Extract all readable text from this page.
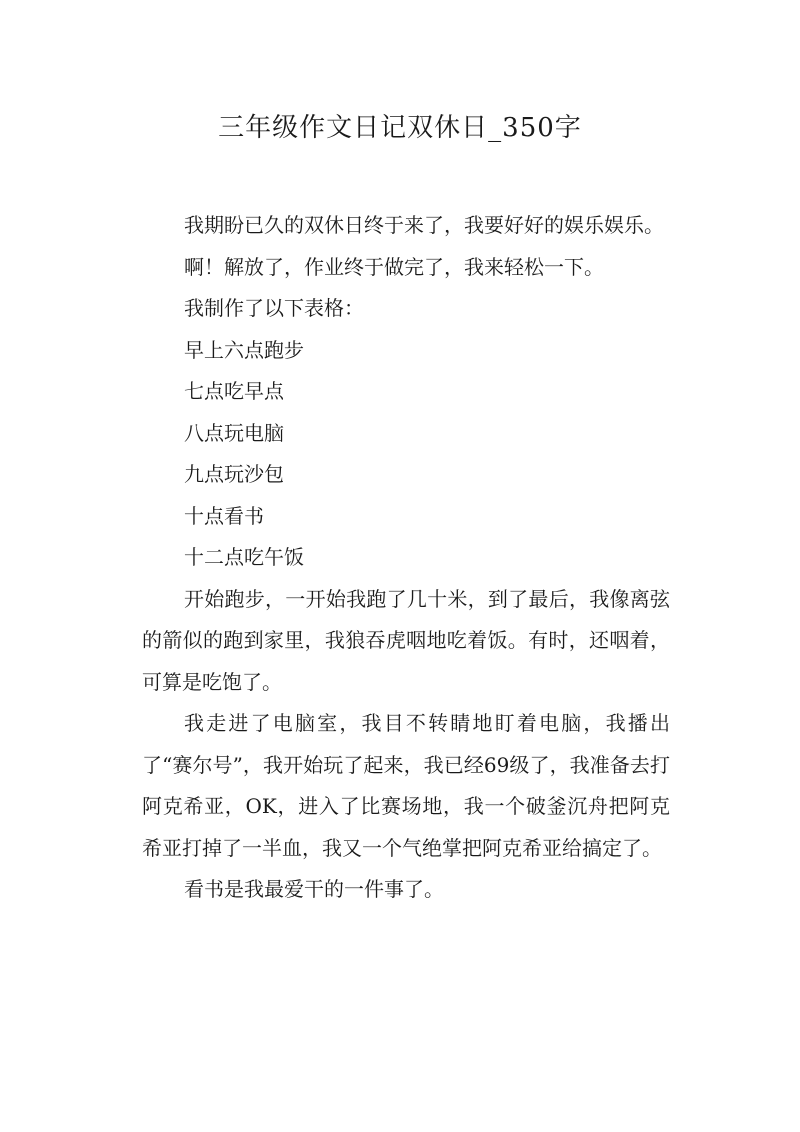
三年级作文日记双休日_350字

我期盼已久的双休日终于来了，我要好好的娱乐娱乐。

啊！解放了，作业终于做完了，我来轻松一下。

我制作了以下表格：

早上六点跑步

七点吃早点

八点玩电脑

九点玩沙包

十点看书

十二点吃午饭

开始跑步，一开始我跑了几十米，到了最后，我像离弦的箭似的跑到家里，我狼吞虎咽地吃着饭。有时，还咽着，可算是吃饱了。

我走进了电脑室，我目不转睛地盯着电脑，我播出了“赛尔号”，我开始玩了起来，我已经69级了，我准备去打阿克希亚，OK，进入了比赛场地，我一个破釜沉舟把阿克希亚打掉了一半血，我又一个气绝掌把阿克希亚给搞定了。

看书是我最爱干的一件事了。
